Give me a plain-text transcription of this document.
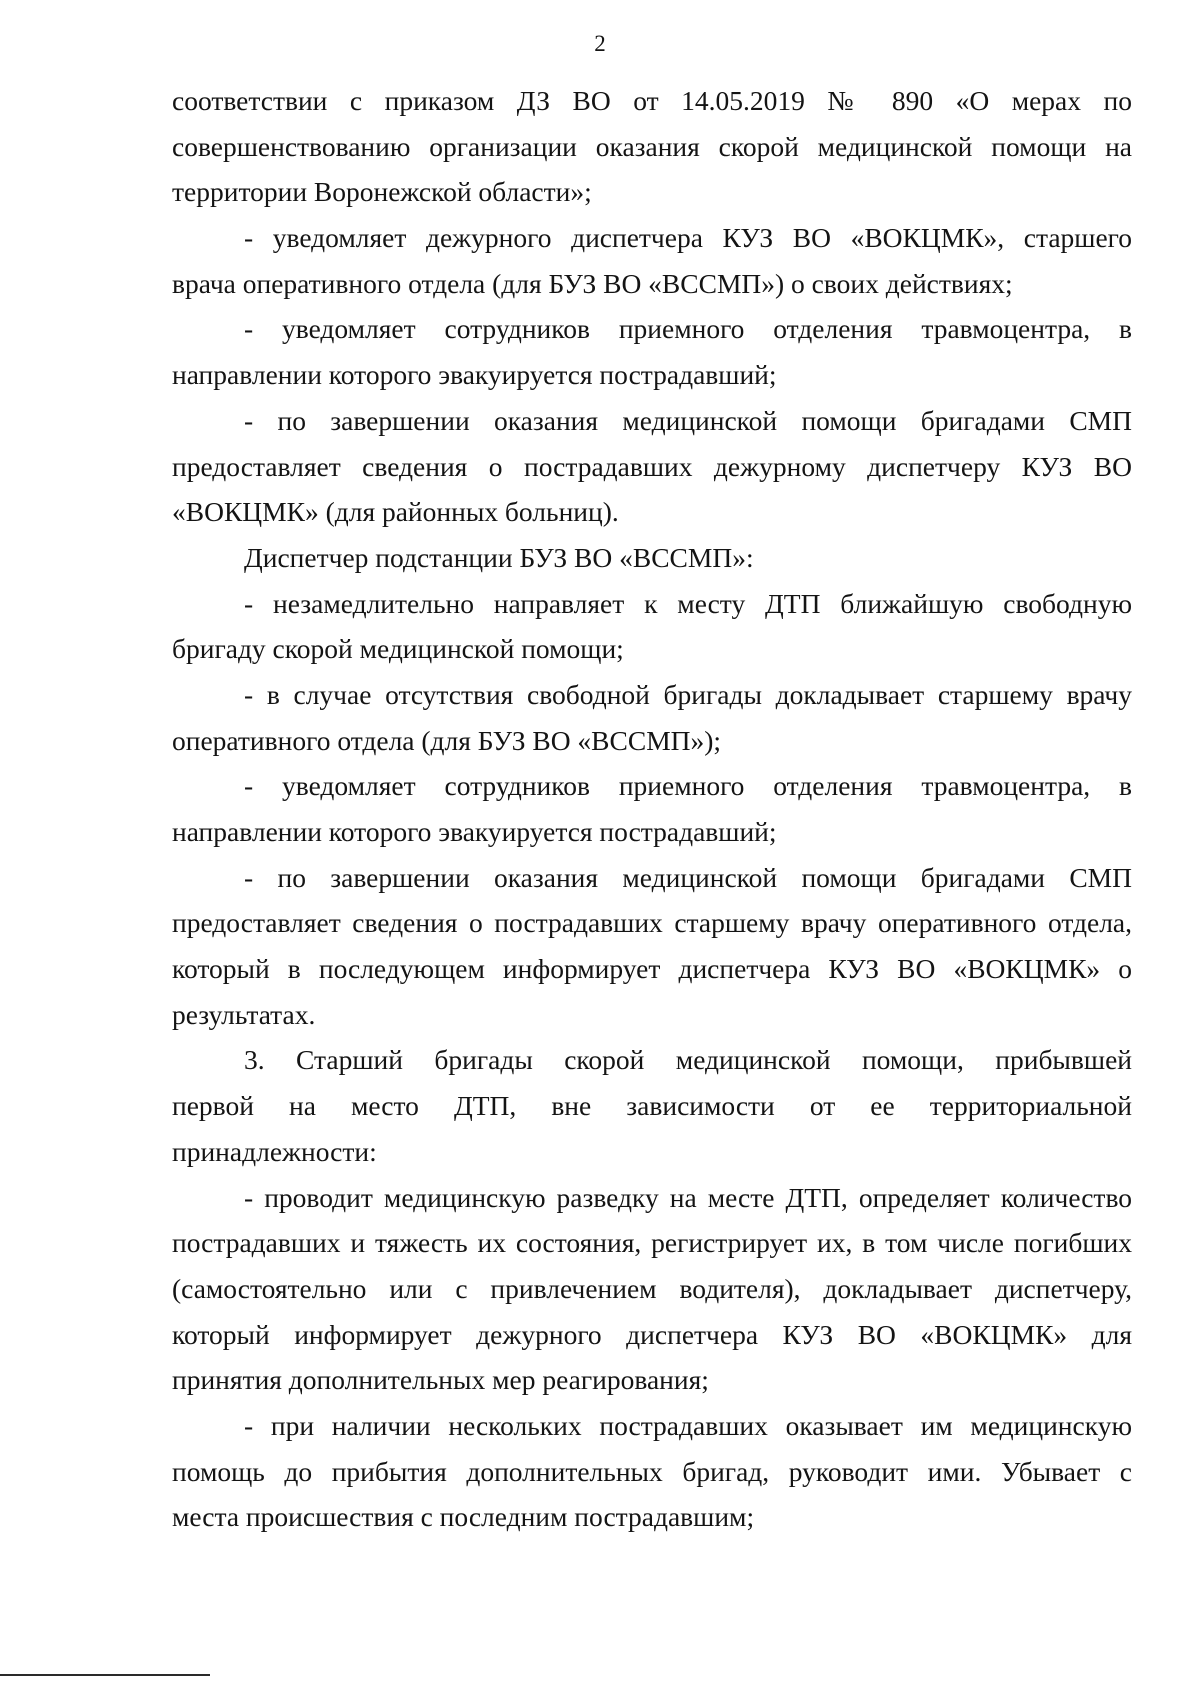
2
соответствии с приказом ДЗ ВО от 14.05.2019 № 890 «О мерах по
совершенствованию организации оказания скорой медицинской помощи на
территории Воронежской области»;
- уведомляет дежурного диспетчера КУЗ ВО «ВОКЦМК», старшего
врача оперативного отдела (для БУЗ ВО «ВССМП») о своих действиях;
- уведомляет сотрудников приемного отделения травмоцентра, в
направлении которого эвакуируется пострадавший;
- по завершении оказания медицинской помощи бригадами СМП
предоставляет сведения о пострадавших дежурному диспетчеру КУЗ ВО
«ВОКЦМК» (для районных больниц).
Диспетчер подстанции БУЗ ВО «ВССМП»:
- незамедлительно направляет к месту ДТП ближайшую свободную
бригаду скорой медицинской помощи;
- в случае отсутствия свободной бригады докладывает старшему врачу
оперативного отдела (для БУЗ ВО «ВССМП»);
- уведомляет сотрудников приемного отделения травмоцентра, в
направлении которого эвакуируется пострадавший;
- по завершении оказания медицинской помощи бригадами СМП
предоставляет сведения о пострадавших старшему врачу оперативного отдела,
который в последующем информирует диспетчера КУЗ ВО «ВОКЦМК» о
результатах.
3. Старший бригады скорой медицинской помощи, прибывшей
первой на место ДТП, вне зависимости от ее территориальной
принадлежности:
- проводит медицинскую разведку на месте ДТП, определяет количество
пострадавших и тяжесть их состояния, регистрирует их, в том числе погибших
(самостоятельно или с привлечением водителя), докладывает диспетчеру,
который информирует дежурного диспетчера КУЗ ВО «ВОКЦМК» для
принятия дополнительных мер реагирования;
- при наличии нескольких пострадавших оказывает им медицинскую
помощь до прибытия дополнительных бригад, руководит ими. Убывает с
места происшествия с последним пострадавшим;
